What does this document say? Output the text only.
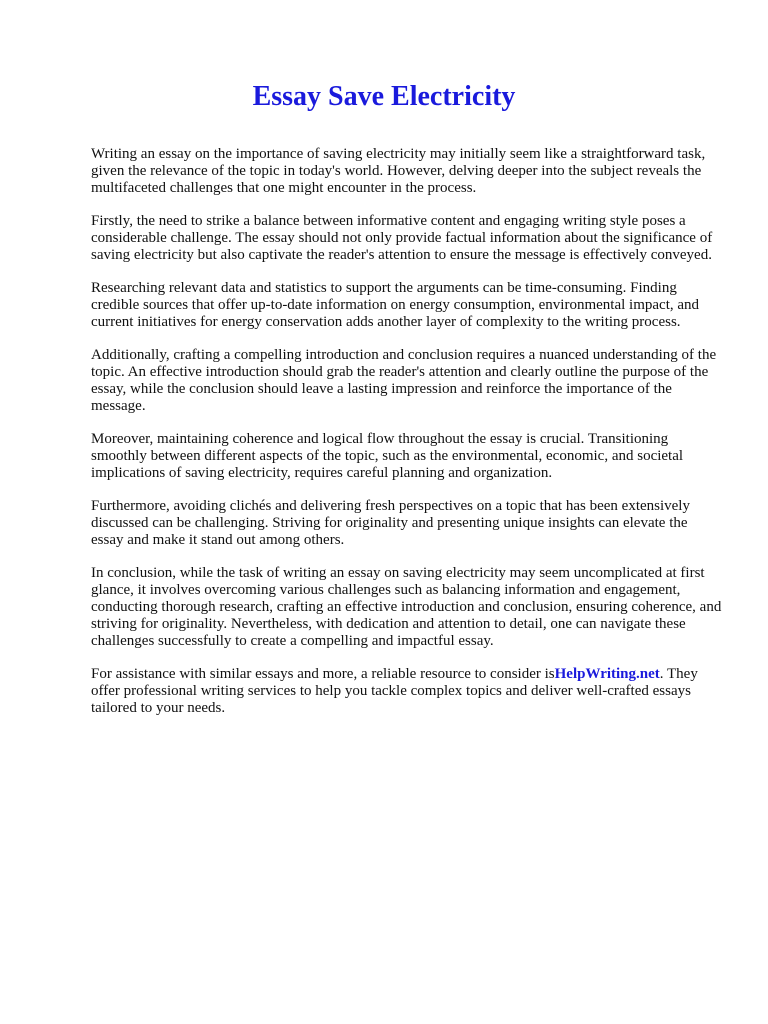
Essay Save Electricity

Writing an essay on the importance of saving electricity may initially seem like a straightforward task, given the relevance of the topic in today's world. However, delving deeper into the subject reveals the multifaceted challenges that one might encounter in the process.

Firstly, the need to strike a balance between informative content and engaging writing style poses a considerable challenge. The essay should not only provide factual information about the significance of saving electricity but also captivate the reader's attention to ensure the message is effectively conveyed.

Researching relevant data and statistics to support the arguments can be time-consuming. Finding credible sources that offer up-to-date information on energy consumption, environmental impact, and current initiatives for energy conservation adds another layer of complexity to the writing process.

Additionally, crafting a compelling introduction and conclusion requires a nuanced understanding of the topic. An effective introduction should grab the reader's attention and clearly outline the purpose of the essay, while the conclusion should leave a lasting impression and reinforce the importance of the message.

Moreover, maintaining coherence and logical flow throughout the essay is crucial. Transitioning smoothly between different aspects of the topic, such as the environmental, economic, and societal implications of saving electricity, requires careful planning and organization.

Furthermore, avoiding clichés and delivering fresh perspectives on a topic that has been extensively discussed can be challenging. Striving for originality and presenting unique insights can elevate the essay and make it stand out among others.

In conclusion, while the task of writing an essay on saving electricity may seem uncomplicated at first glance, it involves overcoming various challenges such as balancing information and engagement, conducting thorough research, crafting an effective introduction and conclusion, ensuring coherence, and striving for originality. Nevertheless, with dedication and attention to detail, one can navigate these challenges successfully to create a compelling and impactful essay.

For assistance with similar essays and more, a reliable resource to consider isHelpWriting.net. They offer professional writing services to help you tackle complex topics and deliver well-crafted essays tailored to your needs.
